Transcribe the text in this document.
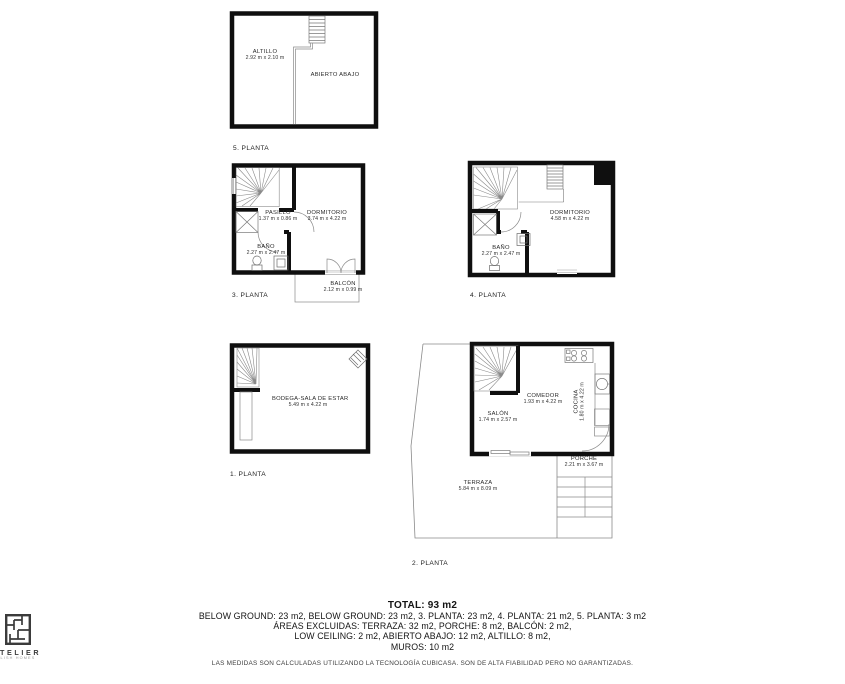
ALTILLO
2.92 m x 2.10 m
ABIERTO ABAJO
5. PLANTA
PASILLO
1.37 m x 0.86 m
DORMITORIO
3.74 m x 4.22 m
BAÑO
2.27 m x 2.47 m
BALCÓN
2.12 m x 0.99 m
3. PLANTA
DORMITORIO
4.58 m x 4.22 m
BAÑO
2.27 m x 2.47 m
4. PLANTA
BODEGA-SALA DE ESTAR
5.49 m x 4.22 m
1. PLANTA
COMEDOR
1.93 m x 4.22 m
SALÓN
1.74 m x 2.57 m
COCINA 1.80 m x 4.22 m
PORCHE
2.21 m x 3.67 m
TERRAZA
5.84 m x 8.09 m
2. PLANTA
TOTAL: 93 m2
BELOW GROUND: 23 m2, BELOW GROUND: 23 m2, 3. PLANTA: 23 m2, 4. PLANTA: 21 m2, 5. PLANTA: 3 m2
ÁREAS EXCLUIDAS: TERRAZA: 32 m2, PORCHE: 8 m2, BALCÓN: 2 m2,
LOW CEILING: 2 m2, ABIERTO ABAJO: 12 m2, ALTILLO: 8 m2,
MUROS: 10 m2
LAS MEDIDAS SON CALCULADAS UTILIZANDO LA TECNOLOGÍA CUBICASA. SON DE ALTA FIABILIDAD PERO NO GARANTIZADAS.
TELIER
LISH HOMES
